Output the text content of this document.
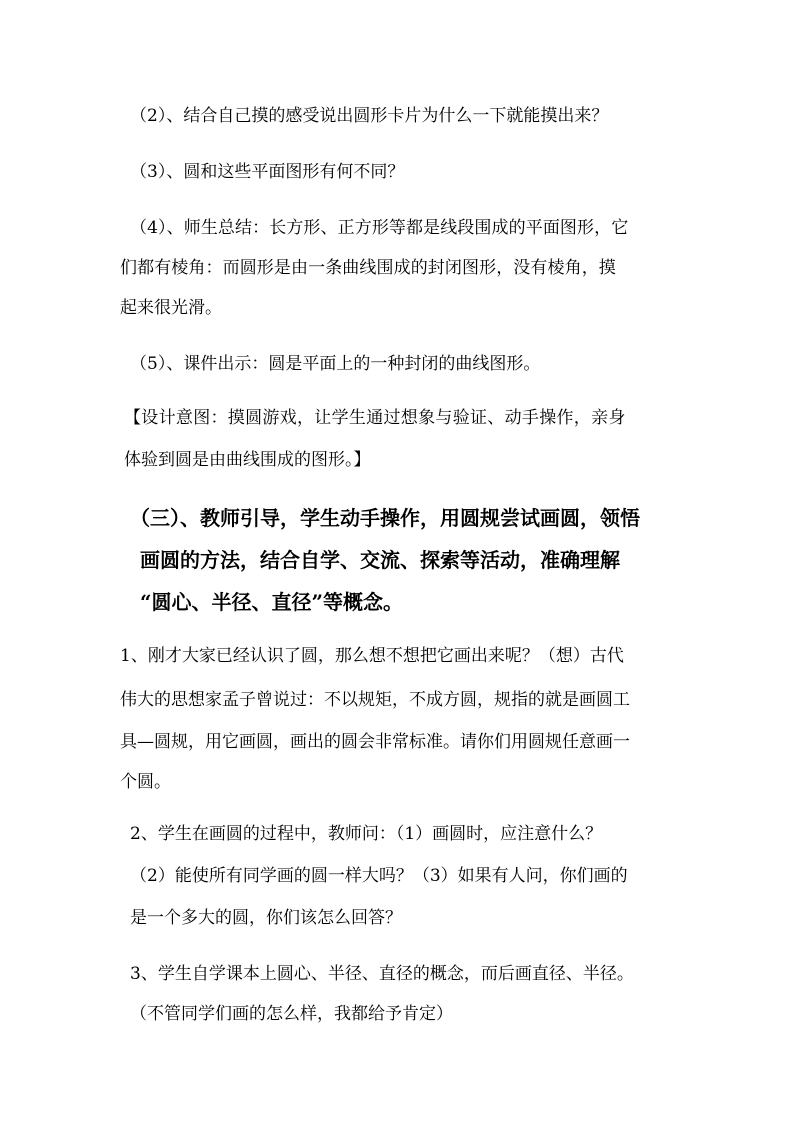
（2）、结合自己摸的感受说出圆形卡片为什么一下就能摸出来？
（3）、圆和这些平面图形有何不同？
（4）、师生总结：长方形、正方形等都是线段围成的平面图形，它
们都有棱角：而圆形是由一条曲线围成的封闭图形，没有棱角，摸
起来很光滑。
（5）、课件出示：圆是平面上的一种封闭的曲线图形。
【设计意图：摸圆游戏，让学生通过想象与验证、动手操作，亲身
体验到圆是由曲线围成的图形。】
（三）、教师引导，学生动手操作，用圆规尝试画圆，领悟
画圆的方法，结合自学、交流、探索等活动，准确理解
“圆心、半径、直径”等概念。
1、刚才大家已经认识了圆，那么想不想把它画出来呢？（想）古代
伟大的思想家孟子曾说过：不以规矩，不成方圆，规指的就是画圆工
具—圆规，用它画圆，画出的圆会非常标准。请你们用圆规任意画一
个圆。
2、学生在画圆的过程中，教师问：（1）画圆时，应注意什么？
（2）能使所有同学画的圆一样大吗？（3）如果有人问，你们画的
是一个多大的圆，你们该怎么回答？
3、学生自学课本上圆心、半径、直径的概念，而后画直径、半径。
（不管同学们画的怎么样，我都给予肯定）
